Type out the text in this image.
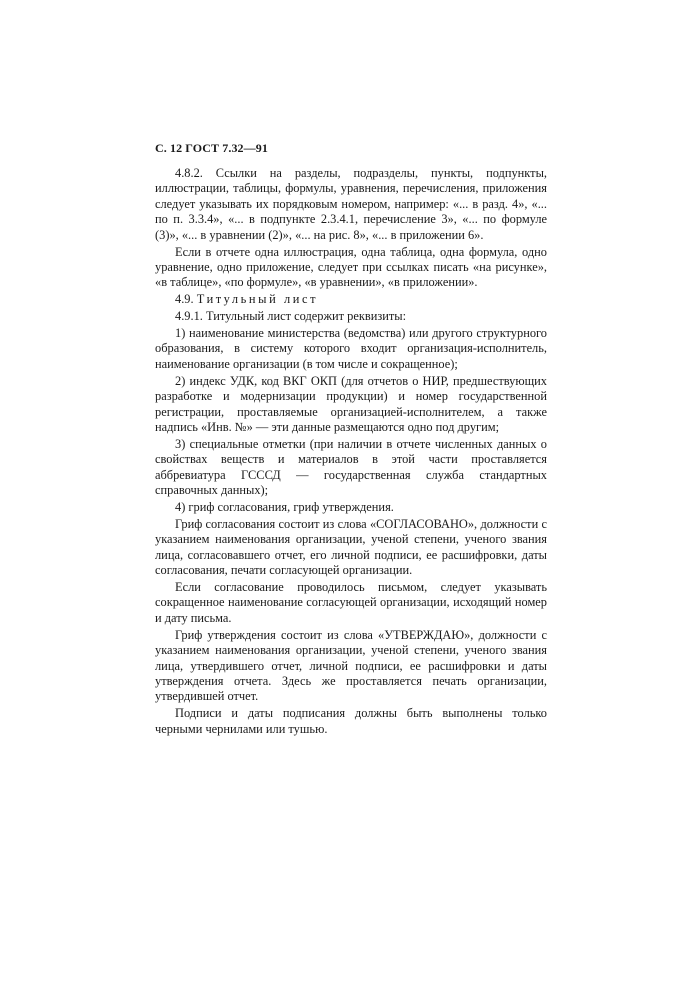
С. 12 ГОСТ 7.32—91

4.8.2. Ссылки на разделы, подразделы, пункты, подпункты, иллюстрации, таблицы, формулы, уравнения, перечисления, приложения следует указывать их порядковым номером, например: «... в разд. 4», «... по п. 3.3.4», «... в подпункте 2.3.4.1, перечисление 3», «... по формуле (3)», «... в уравнении (2)», «... на рис. 8», «... в приложении 6».

Если в отчете одна иллюстрация, одна таблица, одна формула, одно уравнение, одно приложение, следует при ссылках писать «на рисунке», «в таблице», «по формуле», «в уравнении», «в приложении».

4.9. Титульный лист

4.9.1. Титульный лист содержит реквизиты:

1) наименование министерства (ведомства) или другого структурного образования, в систему которого входит организация-исполнитель, наименование организации (в том числе и сокращенное);

2) индекс УДК, код ВКГ ОКП (для отчетов о НИР, предшествующих разработке и модернизации продукции) и номер государственной регистрации, проставляемые организацией-исполнителем, а также надпись «Инв. №» — эти данные размещаются одно под другим;

3) специальные отметки (при наличии в отчете численных данных о свойствах веществ и материалов в этой части проставляется аббревиатура ГСССД — государственная служба стандартных справочных данных);

4) гриф согласования, гриф утверждения.

Гриф согласования состоит из слова «СОГЛАСОВАНО», должности с указанием наименования организации, ученой степени, ученого звания лица, согласовавшего отчет, его личной подписи, ее расшифровки, даты согласования, печати согласующей организации.

Если согласование проводилось письмом, следует указывать сокращенное наименование согласующей организации, исходящий номер и дату письма.

Гриф утверждения состоит из слова «УТВЕРЖДАЮ», должности с указанием наименования организации, ученой степени, ученого звания лица, утвердившего отчет, личной подписи, ее расшифровки и даты утверждения отчета. Здесь же проставляется печать организации, утвердившей отчет.

Подписи и даты подписания должны быть выполнены только черными чернилами или тушью.
